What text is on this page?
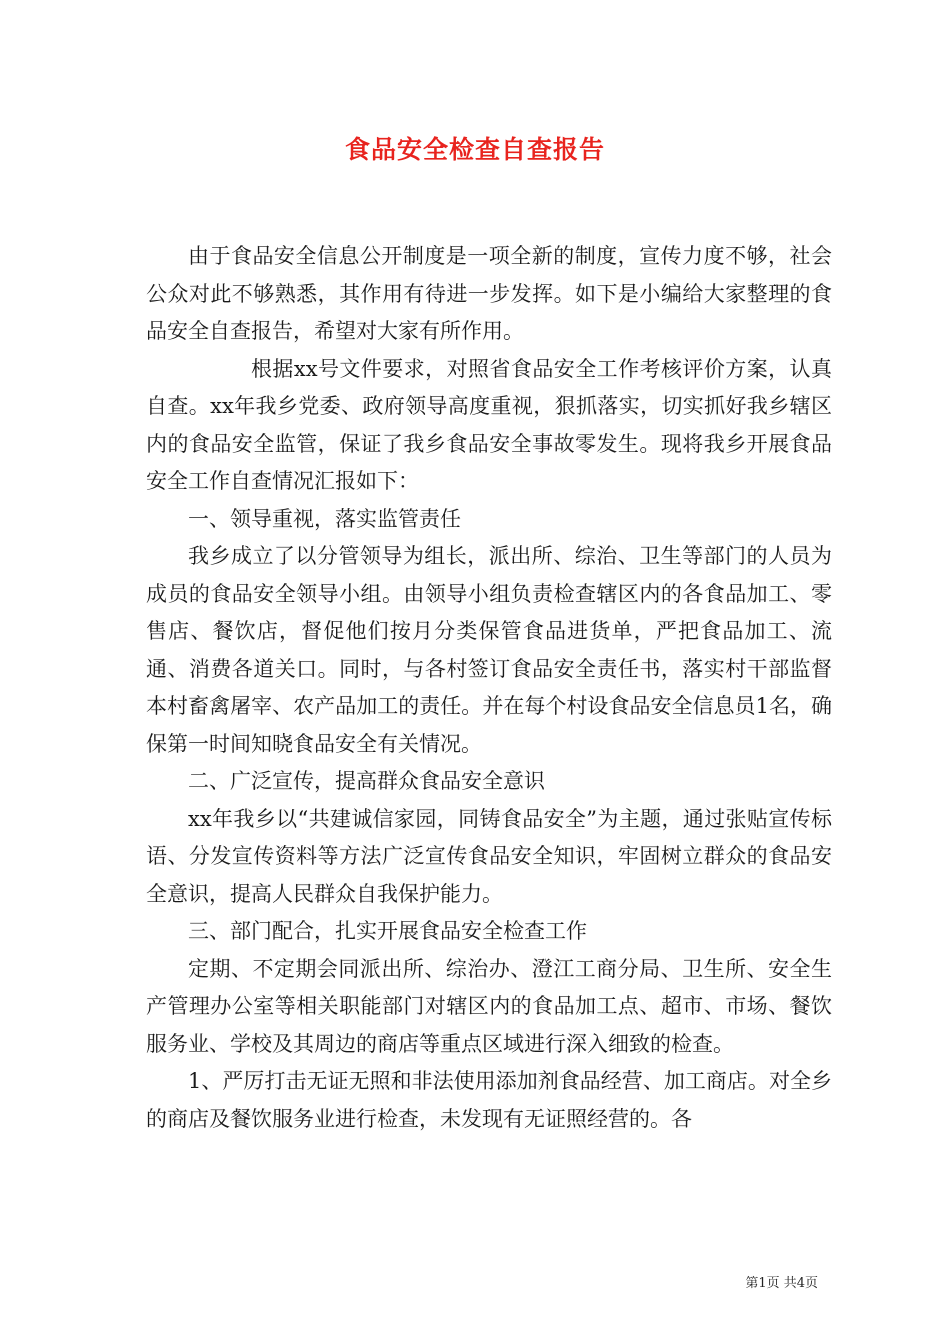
食品安全检查自查报告

由于食品安全信息公开制度是一项全新的制度，宣传力度不够，社会公众对此不够熟悉，其作用有待进一步发挥。如下是小编给大家整理的食品安全自查报告，希望对大家有所作用。

根据xx号文件要求，对照省食品安全工作考核评价方案，认真自查。xx年我乡党委、政府领导高度重视，狠抓落实，切实抓好我乡辖区内的食品安全监管，保证了我乡食品安全事故零发生。现将我乡开展食品安全工作自查情况汇报如下：

一、领导重视，落实监管责任

我乡成立了以分管领导为组长，派出所、综治、卫生等部门的人员为成员的食品安全领导小组。由领导小组负责检查辖区内的各食品加工、零售店、餐饮店，督促他们按月分类保管食品进货单，严把食品加工、流通、消费各道关口。同时，与各村签订食品安全责任书，落实村干部监督本村畜禽屠宰、农产品加工的责任。并在每个村设食品安全信息员1名，确保第一时间知晓食品安全有关情况。

二、广泛宣传，提高群众食品安全意识

xx年我乡以“共建诚信家园，同铸食品安全”为主题，通过张贴宣传标语、分发宣传资料等方法广泛宣传食品安全知识，牢固树立群众的食品安全意识，提高人民群众自我保护能力。

三、部门配合，扎实开展食品安全检查工作

定期、不定期会同派出所、综治办、澄江工商分局、卫生所、安全生产管理办公室等相关职能部门对辖区内的食品加工点、超市、市场、餐饮服务业、学校及其周边的商店等重点区域进行深入细致的检查。

1、严厉打击无证无照和非法使用添加剂食品经营、加工商店。对全乡的商店及餐饮服务业进行检查，未发现有无证照经营的。各

第1页 共4页
